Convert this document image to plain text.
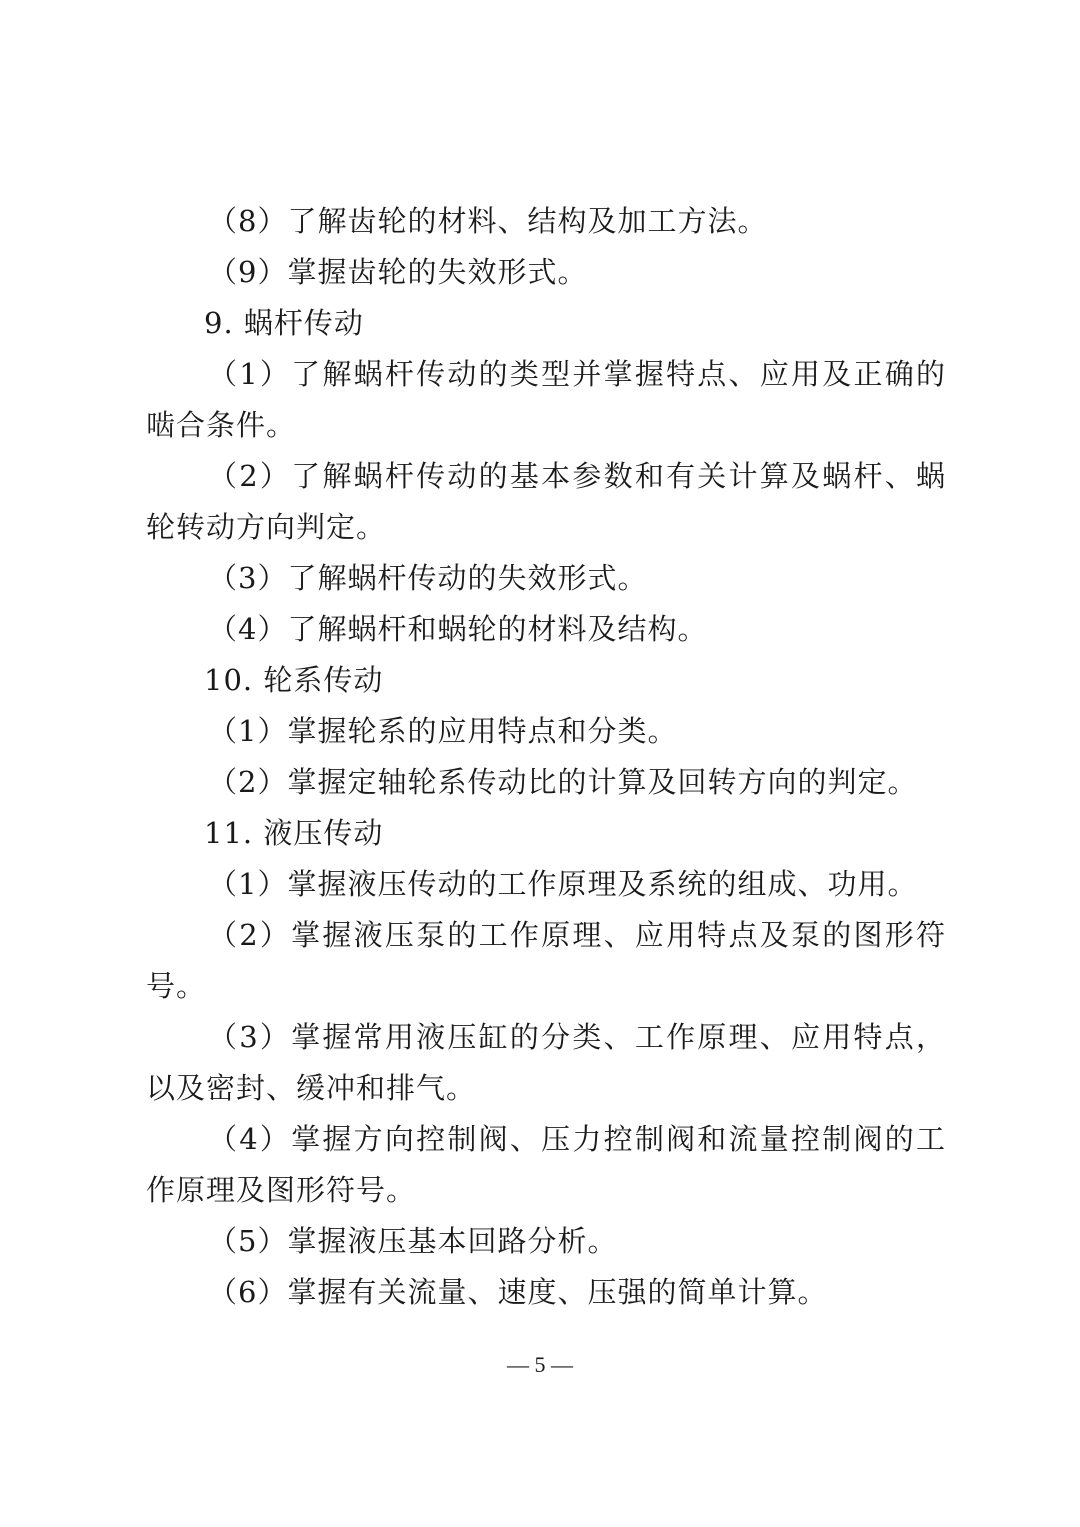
（8）了解齿轮的材料、结构及加工方法。

（9）掌握齿轮的失效形式。

9. 蜗杆传动

（1）了解蜗杆传动的类型并掌握特点、应用及正确的啮合条件。

（2）了解蜗杆传动的基本参数和有关计算及蜗杆、蜗轮转动方向判定。

（3）了解蜗杆传动的失效形式。

（4）了解蜗杆和蜗轮的材料及结构。

10. 轮系传动

（1）掌握轮系的应用特点和分类。

（2）掌握定轴轮系传动比的计算及回转方向的判定。

11. 液压传动

（1）掌握液压传动的工作原理及系统的组成、功用。

（2）掌握液压泵的工作原理、应用特点及泵的图形符号。

（3）掌握常用液压缸的分类、工作原理、应用特点，以及密封、缓冲和排气。

（4）掌握方向控制阀、压力控制阀和流量控制阀的工作原理及图形符号。

（5）掌握液压基本回路分析。

（6）掌握有关流量、速度、压强的简单计算。

— 5 —
